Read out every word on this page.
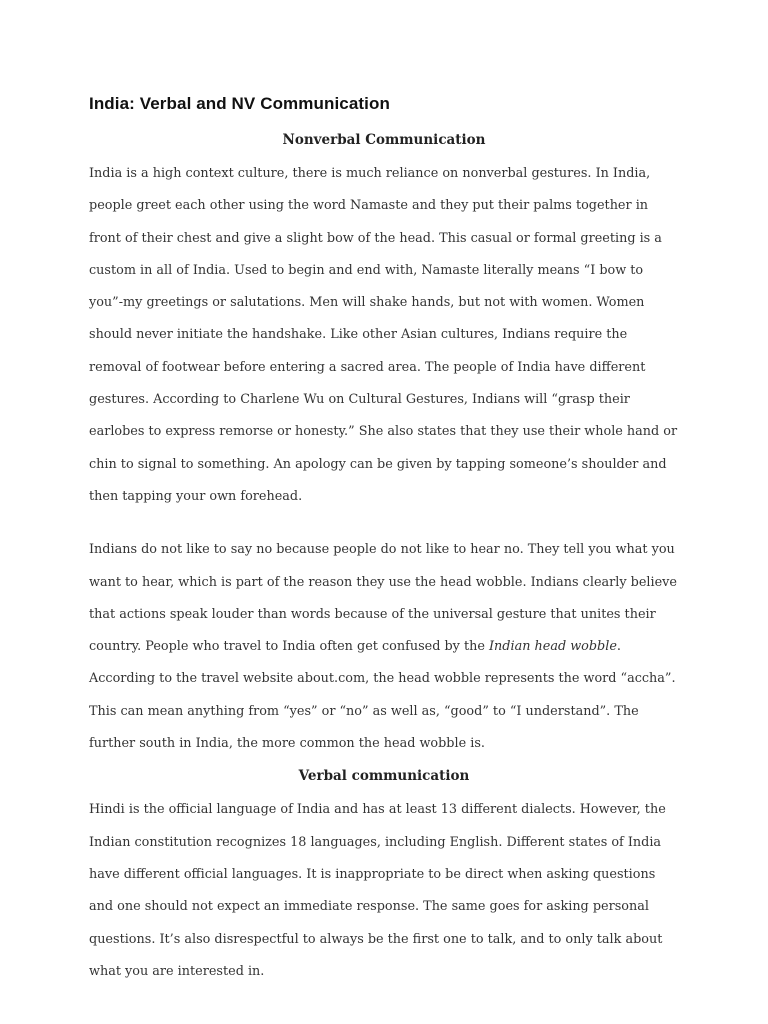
India: Verbal and NV Communication
Nonverbal Communication

India is a high context culture, there is much reliance on nonverbal gestures. In India, people greet each other using the word Namaste and they put their palms together in front of their chest and give a slight bow of the head. This casual or formal greeting is a custom in all of India. Used to begin and end with, Namaste literally means “I bow to you”-my greetings or salutations. Men will shake hands, but not with women. Women should never initiate the handshake. Like other Asian cultures, Indians require the removal of footwear before entering a sacred area. The people of India have different gestures. According to Charlene Wu on Cultural Gestures, Indians will “grasp their earlobes to express remorse or honesty.” She also states that they use their whole hand or chin to signal to something. An apology can be given by tapping someone’s shoulder and then tapping your own forehead.

Indians do not like to say no because people do not like to hear no. They tell you what you want to hear, which is part of the reason they use the head wobble. Indians clearly believe that actions speak louder than words because of the universal gesture that unites their country. People who travel to India often get confused by the Indian head wobble. According to the travel website about.com, the head wobble represents the word “accha”. This can mean anything from “yes” or “no” as well as, “good” to “I understand”. The further south in India, the more common the head wobble is.

Verbal communication

Hindi is the official language of India and has at least 13 different dialects. However, the Indian constitution recognizes 18 languages, including English. Different states of India have different official languages. It is inappropriate to be direct when asking questions and one should not expect an immediate response. The same goes for asking personal questions. It’s also disrespectful to always be the first one to talk, and to only talk about what you are interested in.
